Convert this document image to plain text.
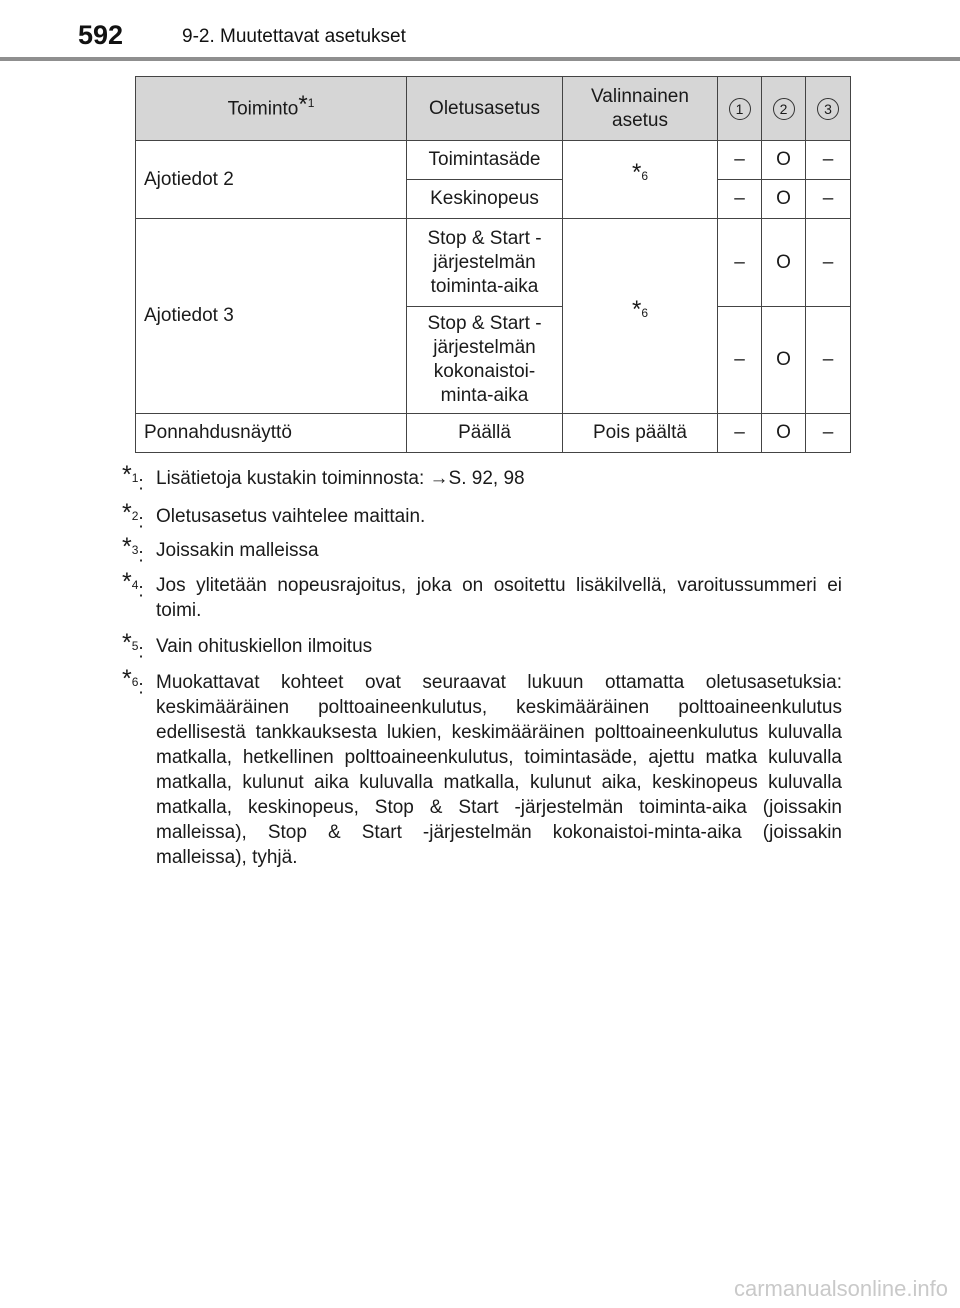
592	9-2. Muutettavat asetukset
Toiminto*$^1$	Oletusasetus	Valinnainen asetus	1	2	3
Ajotiedot 2	Toimintasäde	*$^6$	–	O	–
	Keskinopeus		–	O	–
Ajotiedot 3	Stop & Start -järjestelmän toiminta-aika	*$^6$	–	O	–
	Stop & Start -järjestelmän kokonaistoi-minta-aika		–	O	–
Ponnahdusnäyttö	Päällä	Pois päältä	–	O	–
*$^1$: Lisätietoja kustakin toiminnosta: →S. 92, 98
*$^2$: Oletusasetus vaihtelee maittain.
*$^3$: Joissakin malleissa
*$^4$: Jos ylitetään nopeusrajoitus, joka on osoitettu lisäkilvellä, varoitussummeri ei toimi.
*$^5$: Vain ohituskiellon ilmoitus
*$^6$: Muokattavat kohteet ovat seuraavat lukuun ottamatta oletusasetuksia: keskimääräinen polttoaineenkulutus, keskimääräinen polttoaineenkulutus edellisestä tankkauksesta lukien, keskimääräinen polttoaineenkulutus kuluvalla matkalla, hetkellinen polttoaineenkulutus, toimintasäde, ajettu matka kuluvalla matkalla, kulunut aika kuluvalla matkalla, kulunut aika, keskinopeus kuluvalla matkalla, keskinopeus, Stop & Start -järjestelmän toiminta-aika (joissakin malleissa), Stop & Start -järjestelmän kokonaistoi-minta-aika (joissakin malleissa), tyhjä.
carmanualsonline.info
